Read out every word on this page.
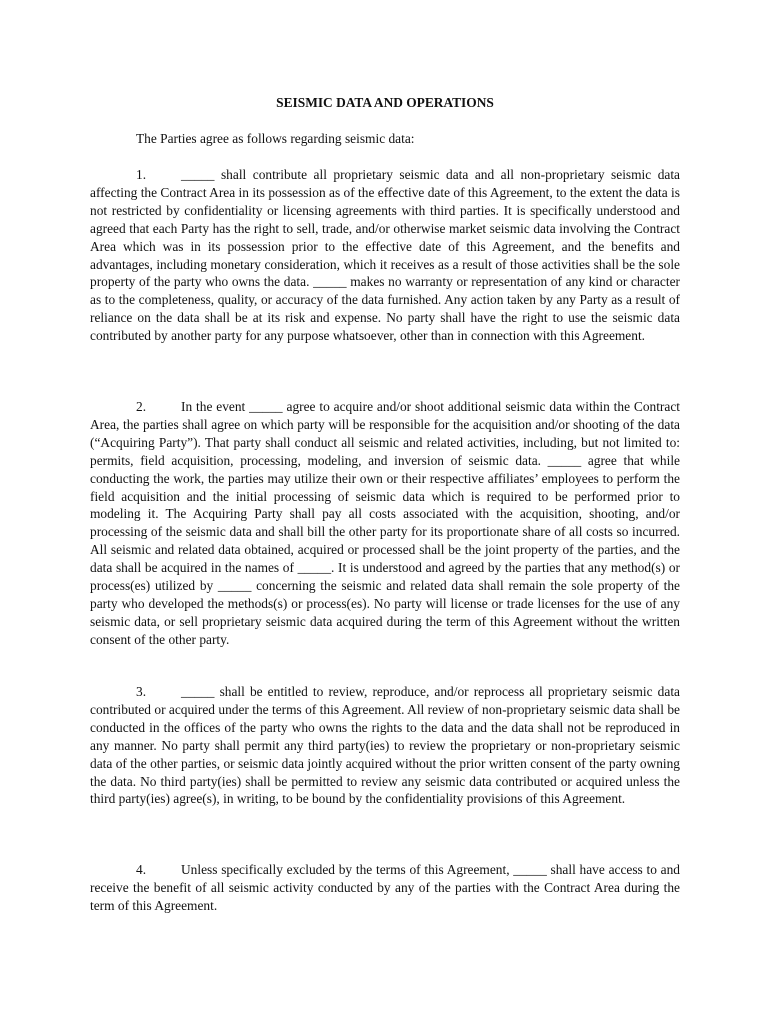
SEISMIC DATA AND OPERATIONS

The Parties agree as follows regarding seismic data:

1.	_____ shall contribute all proprietary seismic data and all non-proprietary seismic data affecting the Contract Area in its possession as of the effective date of this Agreement, to the extent the data is not restricted by confidentiality or licensing agreements with third parties. It is specifically understood and agreed that each Party has the right to sell, trade, and/or otherwise market seismic data involving the Contract Area which was in its possession prior to the effective date of this Agreement, and the benefits and advantages, including monetary consideration, which it receives as a result of those activities shall be the sole property of the party who owns the data. _____ makes no warranty or representation of any kind or character as to the completeness, quality, or accuracy of the data furnished. Any action taken by any Party as a result of reliance on the data shall be at its risk and expense. No party shall have the right to use the seismic data contributed by another party for any purpose whatsoever, other than in connection with this Agreement.

2.	In the event _____ agree to acquire and/or shoot additional seismic data within the Contract Area, the parties shall agree on which party will be responsible for the acquisition and/or shooting of the data (“Acquiring Party”). That party shall conduct all seismic and related activities, including, but not limited to: permits, field acquisition, processing, modeling, and inversion of seismic data. _____ agree that while conducting the work, the parties may utilize their own or their respective affiliates’ employees to perform the field acquisition and the initial processing of seismic data which is required to be performed prior to modeling it. The Acquiring Party shall pay all costs associated with the acquisition, shooting, and/or processing of the seismic data and shall bill the other party for its proportionate share of all costs so incurred. All seismic and related data obtained, acquired or processed shall be the joint property of the parties, and the data shall be acquired in the names of _____. It is understood and agreed by the parties that any method(s) or process(es) utilized by _____ concerning the seismic and related data shall remain the sole property of the party who developed the methods(s) or process(es). No party will license or trade licenses for the use of any seismic data, or sell proprietary seismic data acquired during the term of this Agreement without the written consent of the other party.

3.	_____ shall be entitled to review, reproduce, and/or reprocess all proprietary seismic data contributed or acquired under the terms of this Agreement. All review of non-proprietary seismic data shall be conducted in the offices of the party who owns the rights to the data and the data shall not be reproduced in any manner. No party shall permit any third party(ies) to review the proprietary or non-proprietary seismic data of the other parties, or seismic data jointly acquired without the prior written consent of the party owning the data. No third party(ies) shall be permitted to review any seismic data contributed or acquired unless the third party(ies) agree(s), in writing, to be bound by the confidentiality provisions of this Agreement.

4.	Unless specifically excluded by the terms of this Agreement, _____ shall have access to and receive the benefit of all seismic activity conducted by any of the parties with the Contract Area during the term of this Agreement.
